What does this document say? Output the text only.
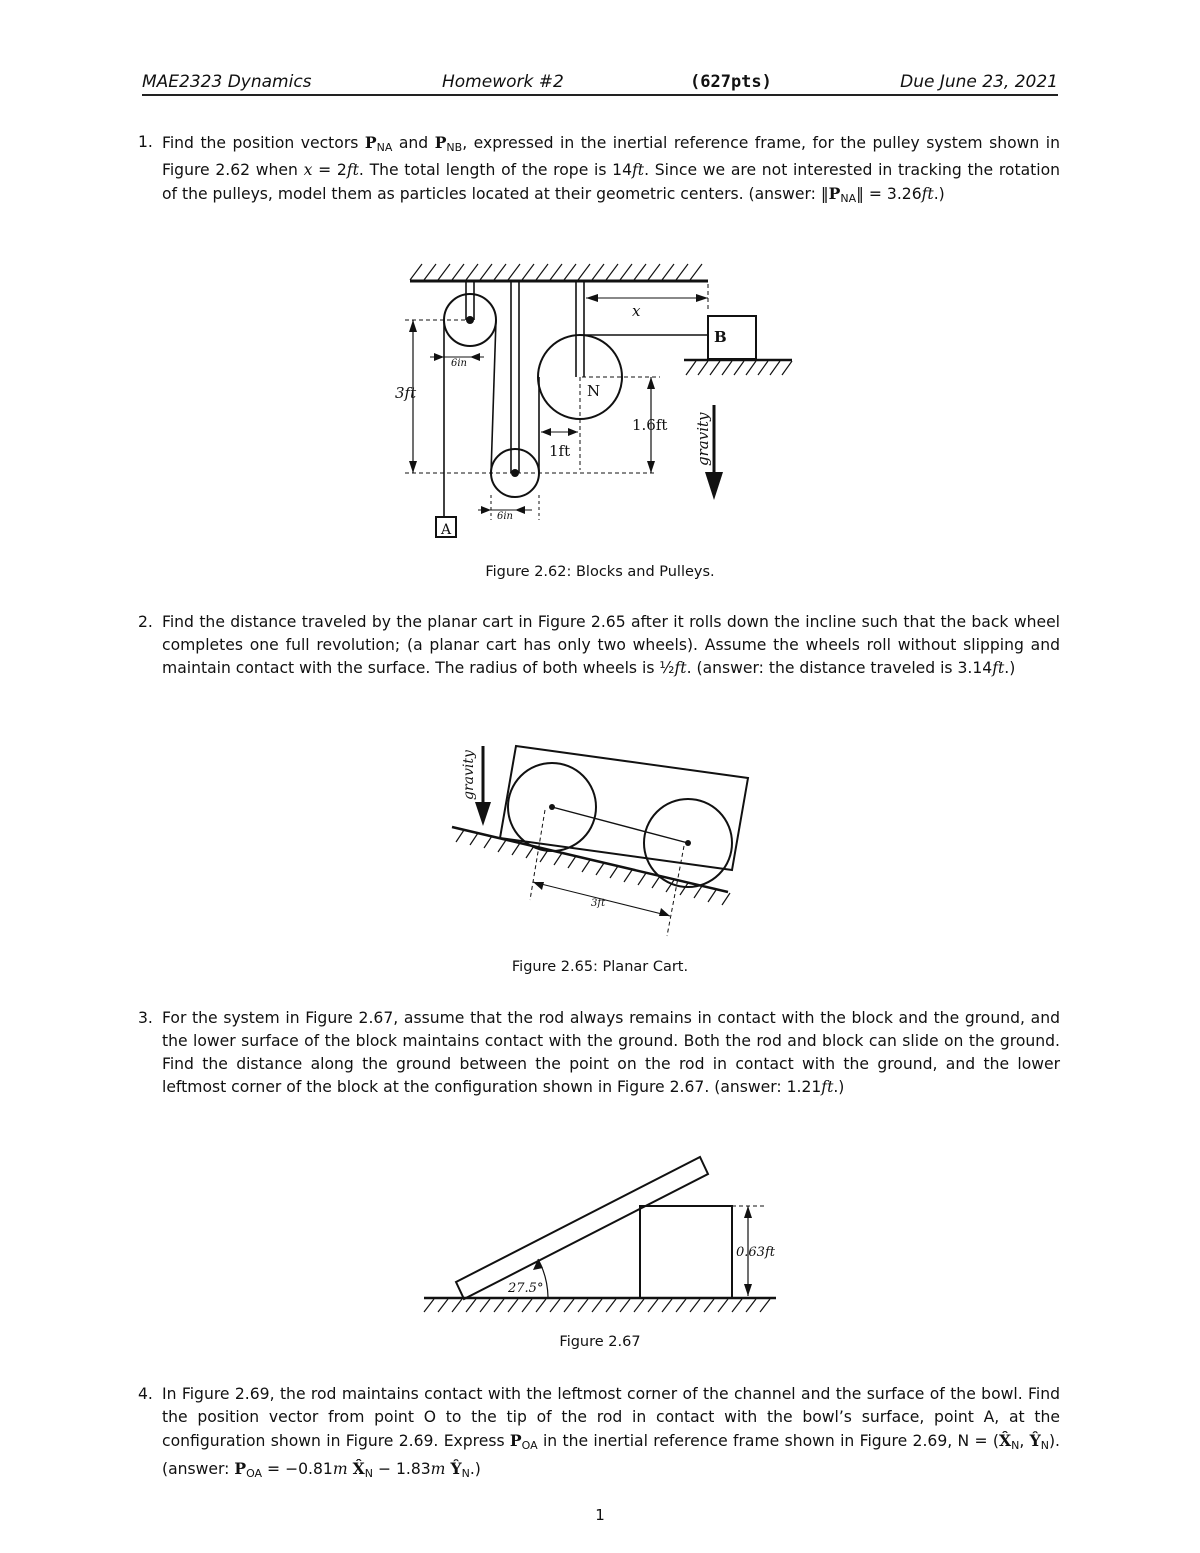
MAE2323 Dynamics	Homework #2	(627pts)	Due June 23, 2021
1. Find the position vectors $P_{NA}$ and $P_{NB}$, expressed in the inertial reference frame, for the pulley system shown in Figure 2.62 when x = 2ft. The total length of the rope is 14ft. Since we are not interested in tracking the rotation of the pulleys, model them as particles located at their geometric centers. (answer: $‖P_{NA}‖ = 3.26ft$.)

x
B
N
A
6in
6in
3ft
1.6ft
1ft	gravity
Figure 2.62: Blocks and Pulleys.
2. Find the distance traveled by the planar cart in Figure 2.65 after it rolls down the incline such that the back wheel completes one full revolution; (a planar cart has only two wheels). Assume the wheels roll without slipping and maintain contact with the surface. The radius of both wheels is ½ft. (answer: the distance traveled is 3.14ft.)

gravity
3ft
Figure 2.65: Planar Cart.
3. For the system in Figure 2.67, assume that the rod always remains in contact with the block and the ground, and the lower surface of the block maintains contact with the ground. Both the rod and block can slide on the ground. Find the distance along the ground between the point on the rod in contact with the ground, and the lower leftmost corner of the block at the configuration shown in Figure 2.67. (answer: 1.21ft.)

27.5°
0.63ft
Figure 2.67
4. In Figure 2.69, the rod maintains contact with the leftmost corner of the channel and the surface of the bowl. Find the position vector from point O to the tip of the rod in contact with the bowl’s surface, point A, at the configuration shown in Figure 2.69. Express $P_{OA}$ in the inertial reference frame shown in Figure 2.69, $N = (X̂_N$, $Ŷ_N$). (answer: $P_{OA} = -0.81m$ $X̂_N - 1.83m$ $Ŷ_N$.)

1
